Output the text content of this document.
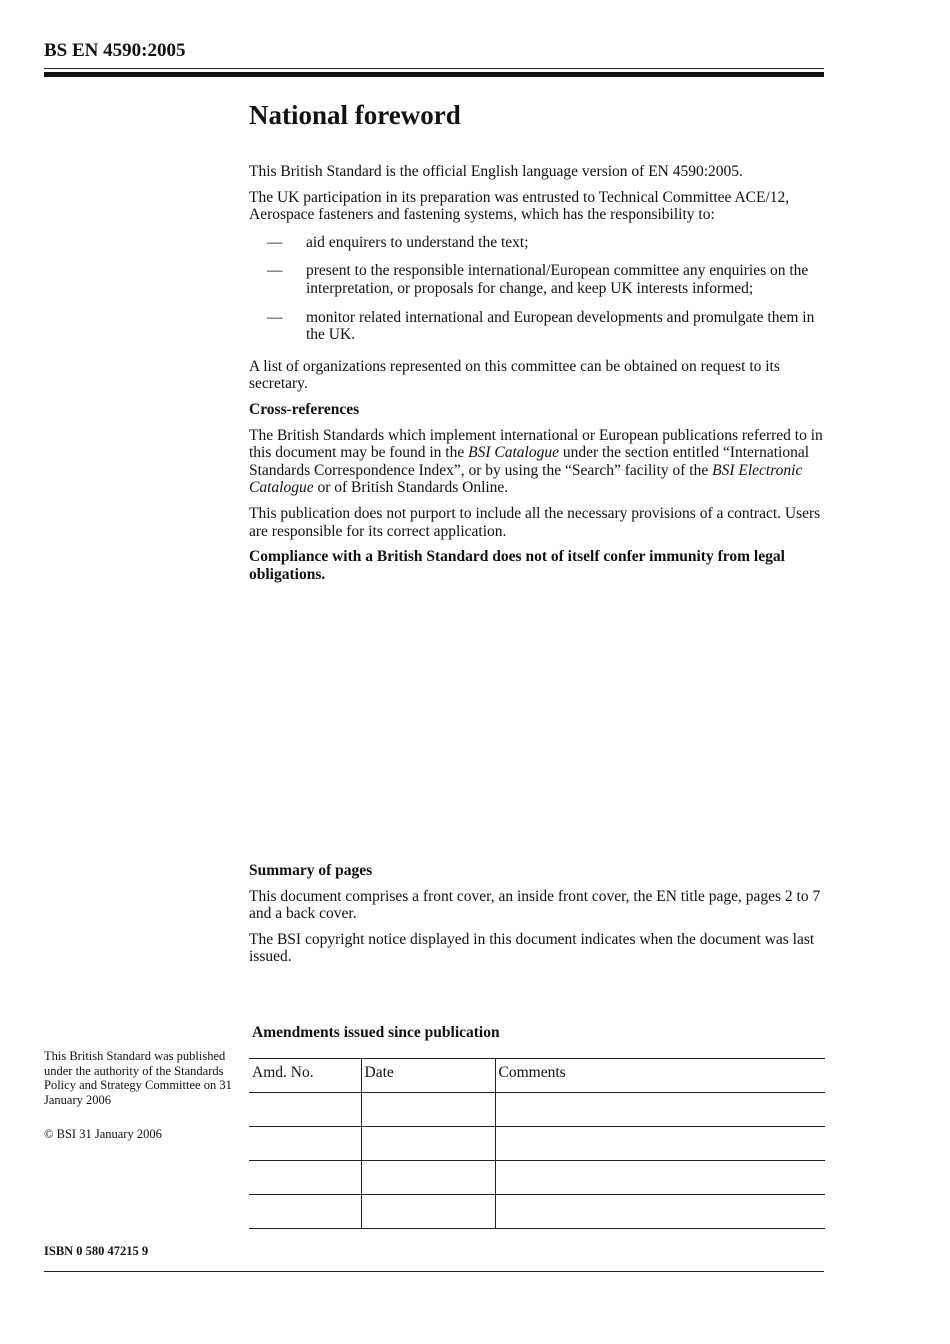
BS EN 4590:2005
National foreword

This British Standard is the official English language version of EN 4590:2005.

The UK participation in its preparation was entrusted to Technical Committee ACE/12, Aerospace fasteners and fastening systems, which has the responsibility to:

— aid enquirers to understand the text;
— present to the responsible international/European committee any enquiries on the interpretation, or proposals for change, and keep UK interests informed;
— monitor related international and European developments and promulgate them in the UK.

A list of organizations represented on this committee can be obtained on request to its secretary.

Cross-references

The British Standards which implement international or European publications referred to in this document may be found in the BSI Catalogue under the section entitled “International Standards Correspondence Index”, or by using the “Search” facility of the BSI Electronic Catalogue or of British Standards Online.

This publication does not purport to include all the necessary provisions of a contract. Users are responsible for its correct application.

Compliance with a British Standard does not of itself confer immunity from legal obligations.

Summary of pages

This document comprises a front cover, an inside front cover, the EN title page, pages 2 to 7 and a back cover.

The BSI copyright notice displayed in this document indicates when the document was last issued.

Amendments issued since publication
Amd. No.	Date	Comments

This British Standard was published under the authority of the Standards Policy and Strategy Committee on 31 January 2006

© BSI 31 January 2006

ISBN 0 580 47215 9
